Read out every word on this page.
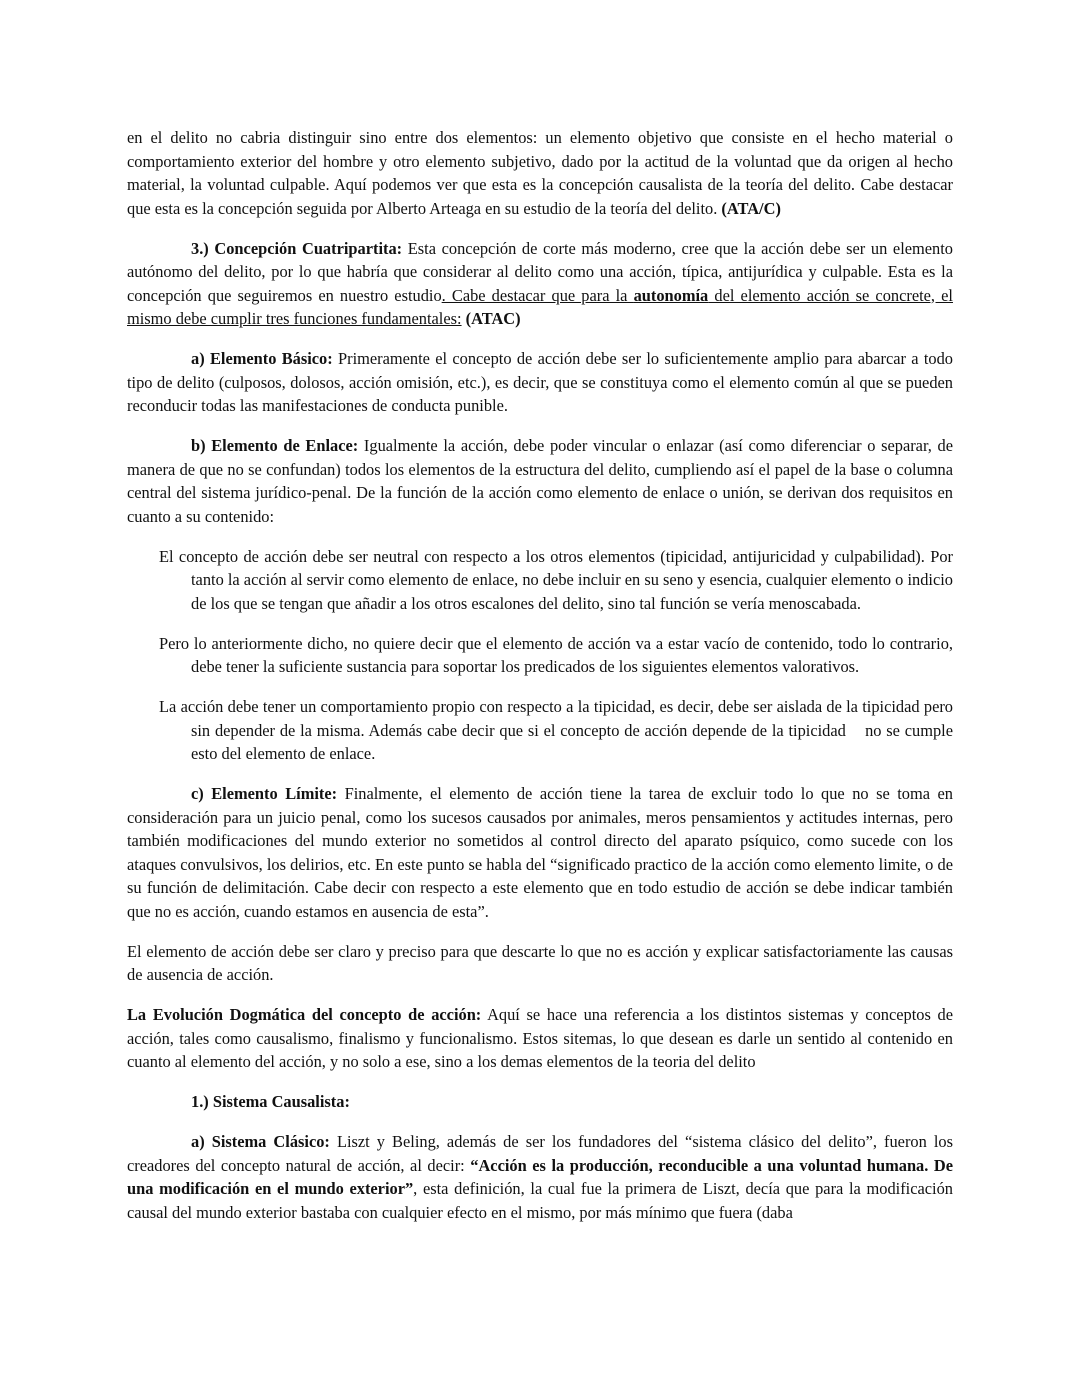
en el delito no cabria distinguir sino entre dos elementos: un elemento objetivo que consiste en el hecho material o comportamiento exterior del hombre y otro elemento subjetivo, dado por la actitud de la voluntad que da origen al hecho material, la voluntad culpable. Aquí podemos ver que esta es la concepción causalista de la teoría del delito. Cabe destacar que esta es la concepción seguida por Alberto Arteaga en su estudio de la teoría del delito. (ATA/C)

3.) Concepción Cuatripartita: Esta concepción de corte más moderno, cree que la acción debe ser un elemento autónomo del delito, por lo que habría que considerar al delito como una acción, típica, antijurídica y culpable. Esta es la concepción que seguiremos en nuestro estudio. Cabe destacar que para la autonomía del elemento acción se concrete, el mismo debe cumplir tres funciones fundamentales: (ATAC)

a) Elemento Básico: Primeramente el concepto de acción debe ser lo suficientemente amplio para abarcar a todo tipo de delito (culposos, dolosos, acción omisión, etc.), es decir, que se constituya como el elemento común al que se pueden reconducir todas las manifestaciones de conducta punible.

b) Elemento de Enlace: Igualmente la acción, debe poder vincular o enlazar (así como diferenciar o separar, de manera de que no se confundan) todos los elementos de la estructura del delito, cumpliendo así el papel de la base o columna central del sistema jurídico-penal. De la función de la acción como elemento de enlace o unión, se derivan dos requisitos en cuanto a su contenido:

El concepto de acción debe ser neutral con respecto a los otros elementos (tipicidad, antijuricidad y culpabilidad). Por tanto la acción al servir como elemento de enlace, no debe incluir en su seno y esencia, cualquier elemento o indicio de los que se tengan que añadir a los otros escalones del delito, sino tal función se vería menoscabada.

Pero lo anteriormente dicho, no quiere decir que el elemento de acción va a estar vacío de contenido, todo lo contrario, debe tener la suficiente sustancia para soportar los predicados de los siguientes elementos valorativos.

La acción debe tener un comportamiento propio con respecto a la tipicidad, es decir, debe ser aislada de la tipicidad pero sin depender de la misma. Además cabe decir que si el concepto de acción depende de la tipicidad    no se cumple esto del elemento de enlace.

c) Elemento Límite: Finalmente, el elemento de acción tiene la tarea de excluir todo lo que no se toma en consideración para un juicio penal, como los sucesos causados por animales, meros pensamientos y actitudes internas, pero también modificaciones del mundo exterior no sometidos al control directo del aparato psíquico, como sucede con los ataques convulsivos, los delirios, etc. En este punto se habla del “significado practico de la acción como elemento limite, o de su función de delimitación. Cabe decir con respecto a este elemento que en todo estudio de acción se debe indicar también que no es acción, cuando estamos en ausencia de esta”.

El elemento de acción debe ser claro y preciso para que descarte lo que no es acción y explicar satisfactoriamente las causas de ausencia de acción.

La Evolución Dogmática del concepto de acción: Aquí se hace una referencia a los distintos sistemas y conceptos de acción, tales como causalismo, finalismo y funcionalismo. Estos sitemas, lo que desean es darle un sentido al contenido en cuanto al elemento del acción, y no solo a ese, sino a los demas elementos de la teoria del delito

1.) Sistema Causalista:

a) Sistema Clásico: Liszt y Beling, además de ser los fundadores del “sistema clásico del delito”, fueron los creadores del concepto natural de acción, al decir: “Acción es la producción, reconducible a una voluntad humana. De una modificación en el mundo exterior”, esta definición, la cual fue la primera de Liszt, decía que para la modificación causal del mundo exterior bastaba con cualquier efecto en el mismo, por más mínimo que fuera (daba
